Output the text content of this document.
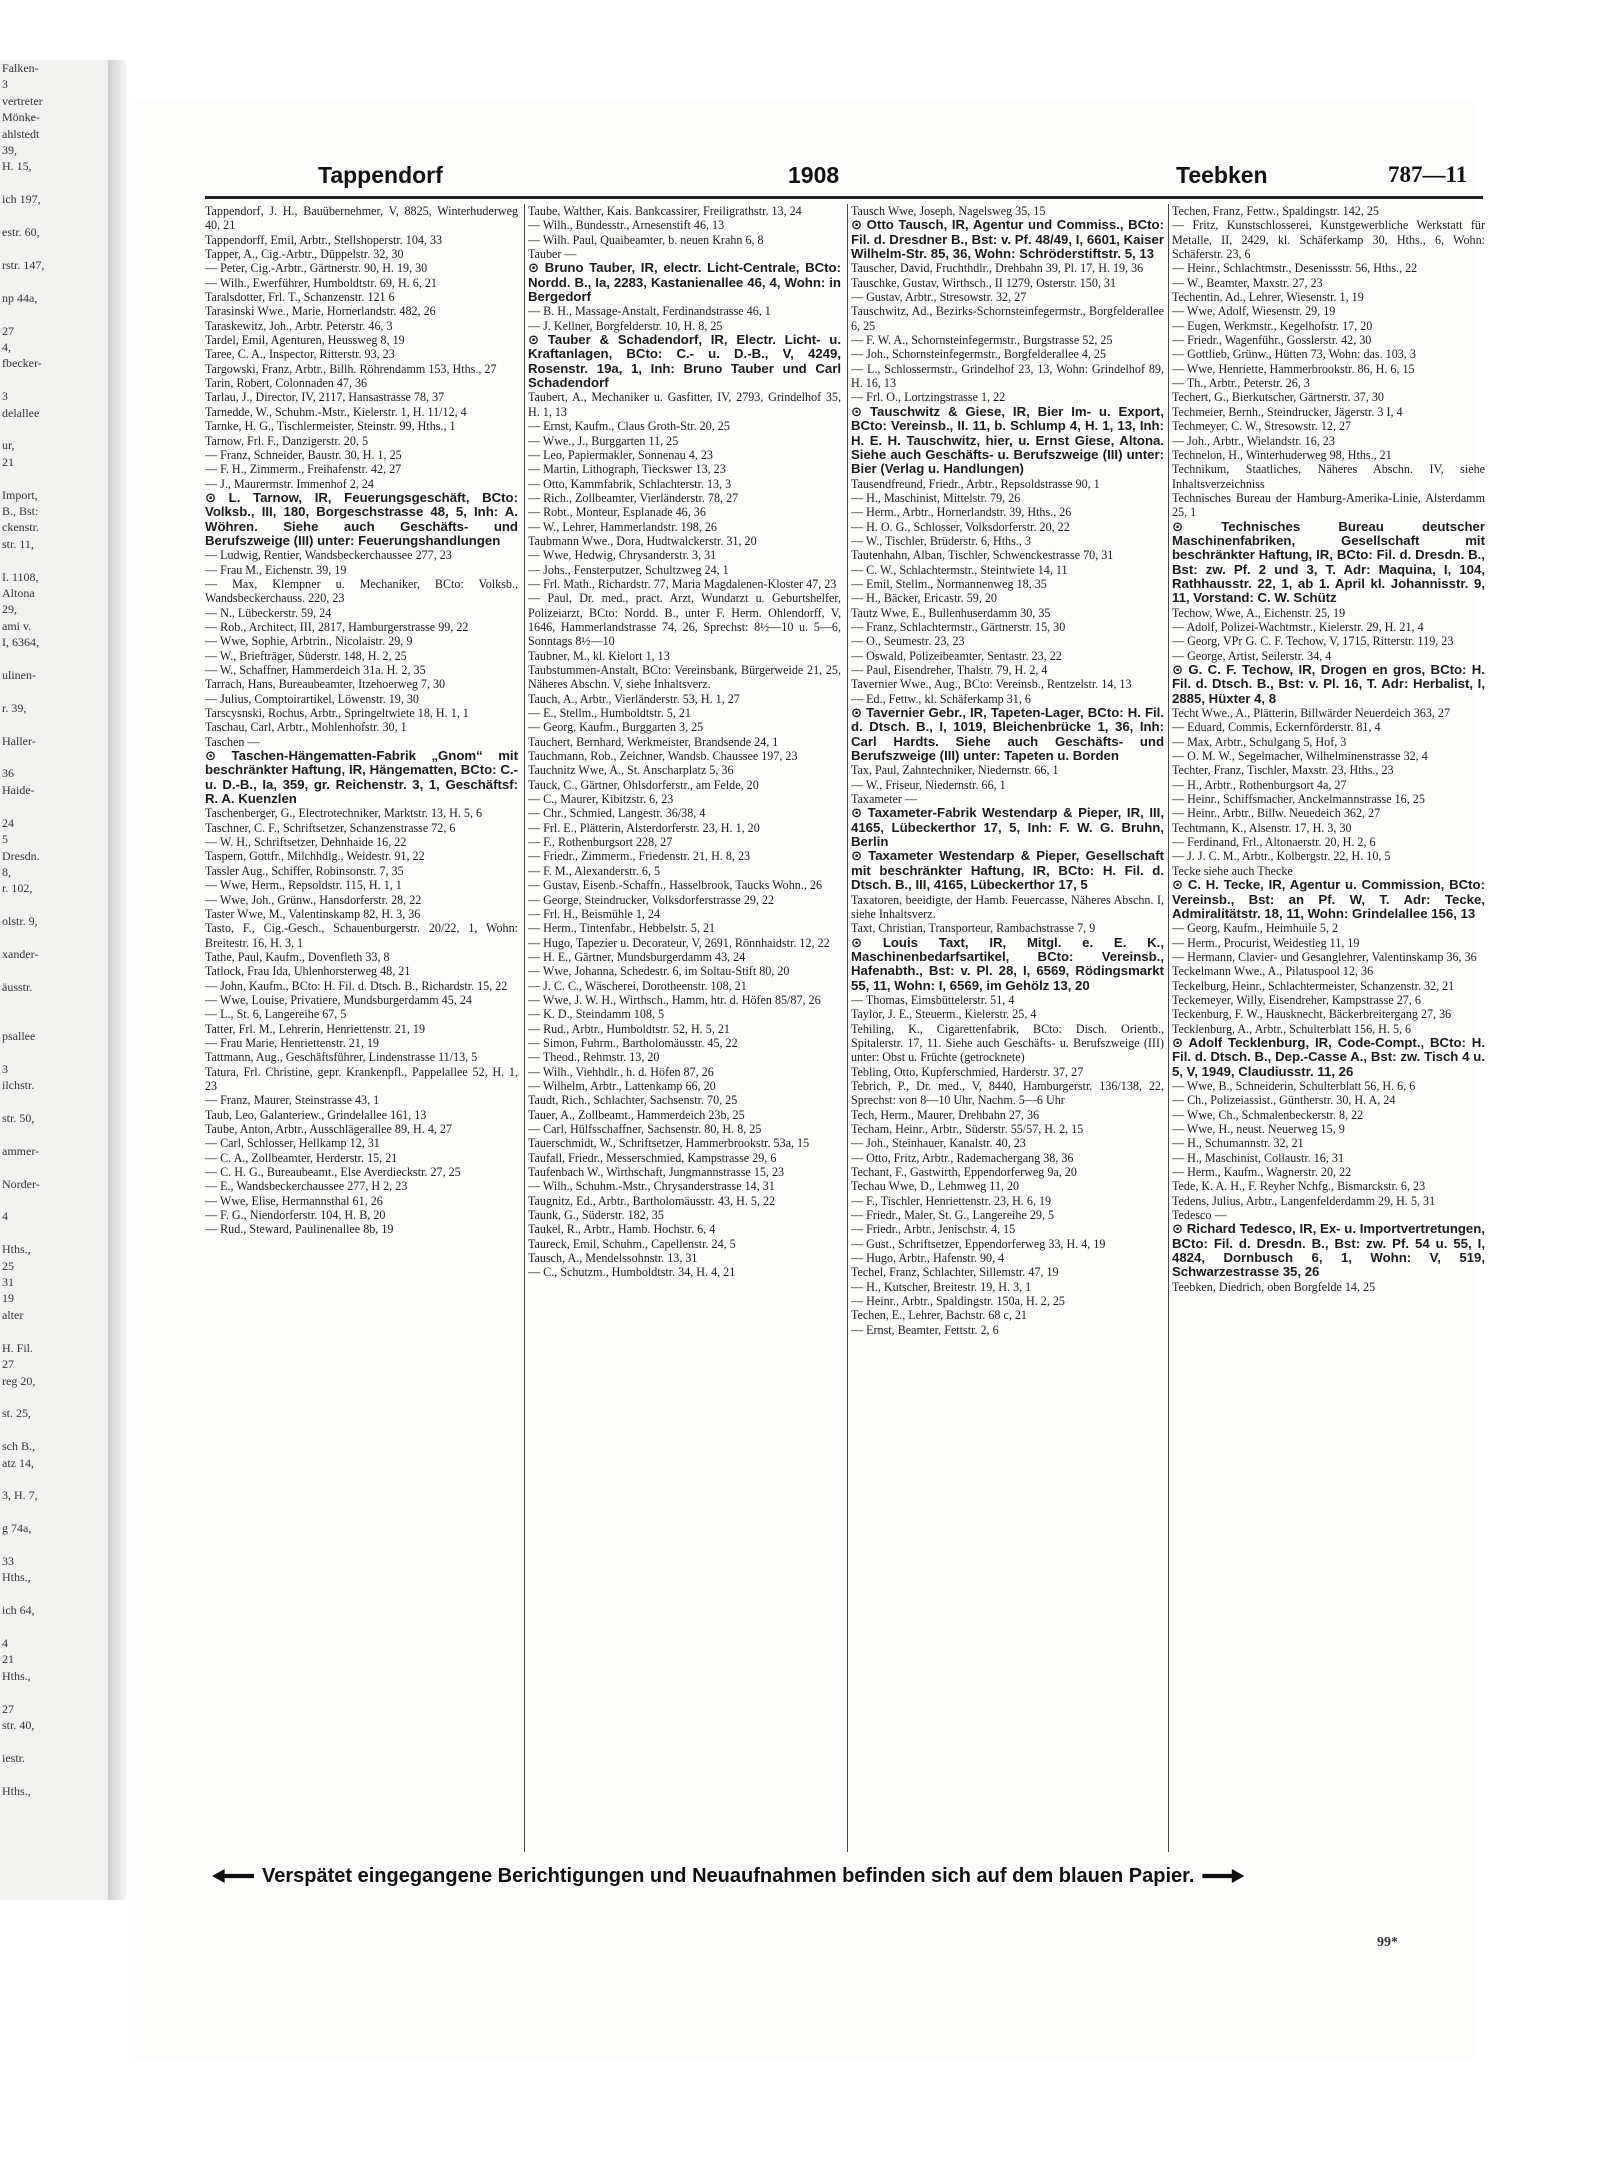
Falken-
3
vertreter
Mönke-
ahlstedt
39,
H. 15,

ich 197,

estr. 60,

rstr. 147,

np 44a,

27
4,
fbecker-

3
delallee

ur,
21

Import,
B., Bst:
ckenstr.
str. 11,

I. 1108,
Altona
29,
ami v.
I, 6364,

ulinen-

r. 39,

Haller-

36
Haide-

24
5
Dresdn.
8,
r. 102,

olstr. 9,

xander-

äusstr.

psallee

3
ilchstr.

str. 50,

ammer-

Norder-

4

Hths.,
25
31
19
alter

H. Fil.
27
reg 20,

st. 25,

sch B.,
atz 14,

3, H. 7,

g 74a,

33
Hths.,

ich 64,

4
21
Hths.,

27
str. 40,

iestr.

Hths.,
Tappendorf	1908	Teebken	787—11
Tappendorf, J. H., Bauübernehmer, V, 8825, Winterhuderweg 40, 21
Tappendorff, Emil, Arbtr., Stellshoperstr. 104, 33
Tapper, A., Cig.-Arbtr., Düppelstr. 32, 30
— Peter, Cig.-Arbtr., Gärtnerstr. 90, H. 19, 30
— Wilh., Ewerführer, Humboldtstr. 69, H. 6, 21
Taralsdotter, Frl. T., Schanzenstr. 121 6
Tarasinski Wwe., Marie, Hornerlandstr. 482, 26
Taraskewitz, Joh., Arbtr. Peterstr. 46, 3
Tardel, Emil, Agenturen, Heussweg 8, 19
Taree, C. A., Inspector, Ritterstr. 93, 23
Targowski, Franz, Arbtr., Billh. Röhrendamm 153, Hths., 27
Tarin, Robert, Colonnaden 47, 36
Tarlau, J., Director, IV, 2117, Hansastrasse 78, 37
Tarnedde, W., Schuhm.-Mstr., Kielerstr. 1, H. 11/12, 4
Tarnke, H. G., Tischlermeister, Steinstr. 99, Hths., 1
Tarnow, Frl. F., Danzigerstr. 20, 5
— Franz, Schneider, Baustr. 30, H. 1, 25
— F. H., Zimmerm., Freihafenstr. 42, 27
— J., Maurermstr. Immenhof 2, 24
⊙ L. Tarnow, IR, Feuerungsgeschäft, BCto: Volksb., III, 180, Borgeschstrasse 48, 5, Inh: A. Wöhren. Siehe auch Geschäfts- und Berufszweige (III) unter: Feuerungshandlungen
— Ludwig, Rentier, Wandsbeckerchaussee 277, 23
— Frau M., Eichenstr. 39, 19
— Max, Klempner u. Mechaniker, BCto: Volksb., Wandsbeckerchauss. 220, 23
— N., Lübeckerstr. 59, 24
— Rob., Architect, III, 2817, Hamburgerstrasse 99, 22
— Wwe, Sophie, Arbtrin., Nicolaistr. 29, 9
— W., Briefträger, Süderstr. 148, H. 2, 25
— W., Schaffner, Hammerdeich 31a. H. 2, 35
Tarrach, Hans, Bureaubeamter, Itzehoerweg 7, 30
— Julius, Comptoirartikel, Löwenstr. 19, 30
Tarscysnski, Rochus, Arbtr., Springeltwiete 18, H. 1, 1
Taschau, Carl, Arbtr., Mohlenhofstr. 30, 1
Taschen —
⊙ Taschen-Hängematten-Fabrik „Gnom“ mit beschränkter Haftung, IR, Hängematten, BCto: C.- u. D.-B., Ia, 359, gr. Reichenstr. 3, 1, Geschäftsf: R. A. Kuenzlen
Taschenberger, G., Electrotechniker, Marktstr. 13, H. 5, 6
Taschner, C. F., Schriftsetzer, Schanzenstrasse 72, 6
— W. H., Schriftsetzer, Dehnhaide 16, 22
Taspern, Gottfr., Milchhdlg., Weidestr. 91, 22
Tassler Aug., Schiffer, Robinsonstr. 7, 35
— Wwe, Herm., Repsoldstr. 115, H. 1, 1
— Wwe, Joh., Grünw., Hansdorferstr. 28, 22
Taster Wwe, M., Valentinskamp 82, H. 3, 36
Tasto, F., Cig.-Gesch., Schauenburgerstr. 20/22, 1, Wohn: Breitestr. 16, H. 3, 1
Tathe, Paul, Kaufm., Dovenfleth 33, 8
Tatlock, Frau Ida, Uhlenhorsterweg 48, 21
— John, Kaufm., BCto: H. Fil. d. Dtsch. B., Richardstr. 15, 22
— Wwe, Louise, Privatiere, Mundsburgerdamm 45, 24
— L., St. 6, Langereihe 67, 5
Tatter, Frl. M., Lehrerin, Henriettenstr. 21, 19
— Frau Marie, Henriettenstr. 21, 19
Tattmann, Aug., Geschäftsführer, Lindenstrasse 11/13, 5
Tatura, Frl. Christine, gepr. Krankenpfl., Pappelallee 52, H. 1, 23
— Franz, Maurer, Steinstrasse 43, 1
Taub, Leo, Galanteriew., Grindelallee 161, 13
Taube, Anton, Arbtr., Ausschlägerallee 89, H. 4, 27
— Carl, Schlosser, Hellkamp 12, 31
— C. A., Zollbeamter, Herderstr. 15, 21
— C. H. G., Bureaubeamt., Else Averdieckstr. 27, 25
— E., Wandsbeckerchaussee 277, H 2, 23
— Wwe, Elise, Hermannsthal 61, 26
— F. G., Niendorferstr. 104, H. B, 20
— Rud., Steward, Paulinenallee 8b, 19
Taube, Walther, Kais. Bankcassirer, Freiligrathstr. 13, 24
— Wilh., Bundesstr., Arnesenstift 46, 13
— Wilh. Paul, Quaibeamter, b. neuen Krahn 6, 8
Tauber —
⊙ Bruno Tauber, IR, electr. Licht-Centrale, BCto: Nordd. B., Ia, 2283, Kastanienallee 46, 4, Wohn: in Bergedorf
— B. H., Massage-Anstalt, Ferdinandstrasse 46, 1
— J. Kellner, Borgfelderstr. 10, H. 8, 25
⊙ Tauber & Schadendorf, IR, Electr. Licht- u. Kraftanlagen, BCto: C.- u. D.-B., V, 4249, Rosenstr. 19a, 1, Inh: Bruno Tauber und Carl Schadendorf
Taubert, A., Mechaniker u. Gasfitter, IV, 2793, Grindelhof 35, H. 1, 13
— Ernst, Kaufm., Claus Groth-Str. 20, 25
— Wwe., J., Burggarten 11, 25
— Leo, Papiermakler, Sonnenau 4, 23
— Martin, Lithograph, Tieckswег 13, 23
— Otto, Kammfabrik, Schlachterstr. 13, 3
— Rich., Zollbeamter, Vierländerstr. 78, 27
— Robt., Monteur, Esplanade 46, 36
— W., Lehrer, Hammerlandstr. 198, 26
Taubmann Wwe., Dora, Hudtwalckerstr. 31, 20
— Wwe, Hedwig, Chrysanderstr. 3, 31
— Johs., Fensterputzer, Schultzweg 24, 1
— Frl. Math., Richardstr. 77, Maria Magdalenen-Kloster 47, 23
— Paul, Dr. med., pract. Arzt, Wundarzt u. Geburtshelfer, Polizeiarzt, BCto: Nordd. B., unter F. Herm. Ohlendorff, V, 1646, Hammerlandstrasse 74, 26, Sprechst: 8½—10 u. 5—6, Sonntags 8½—10
Taubner, M., kl. Kielort 1, 13
Taubstummen-Anstalt, BCto: Vereinsbank, Bürgerweide 21, 25, Näheres Abschn. V, siehe Inhaltsverz.
Tauch, A., Arbtr., Vierländerstr. 53, H. 1, 27
— E., Stellm., Humboldtstr. 5, 21
— Georg, Kaufm., Burggarten 3, 25
Tauchert, Bernhard, Werkmeister, Brandsende 24, 1
Tauchmann, Rob., Zeichner, Wandsb. Chaussee 197, 23
Tauchnitz Wwe, A., St. Anscharplatz 5, 36
Tauck, C., Gärtner, Ohlsdorferstr., am Felde, 20
— C., Maurer, Kibitzstr. 6, 23
— Chr., Schmied, Langestr. 36/38, 4
— Frl. E., Plätterin, Alsterdorferstr. 23, H. 1, 20
— F., Rothenburgsort 228, 27
— Friedr., Zimmerm., Friedenstr. 21, H. 8, 23
— F. M., Alexanderstr. 6, 5
— Gustav, Eisenb.-Schaffn., Hasselbrook, Taucks Wohn., 26
— George, Steindrucker, Volksdorferstrasse 29, 22
— Frl. H., Beismühle 1, 24
— Herm., Tintenfabr., Hebbelstr. 5, 21
— Hugo, Tapezier u. Decorateur, V, 2691, Rönnhaidstr. 12, 22
— H. E., Gärtner, Mundsburgerdamm 43, 24
— Wwe, Johanna, Schedestr. 6, im Soltau-Stift 80, 20
— J. C. C., Wäscherei, Dorotheenstr. 108, 21
— Wwe, J. W. H., Wirthsch., Hamm, htr. d. Höfen 85/87, 26
— K. D., Steindamm 108, 5
— Rud., Arbtr., Humboldtstr. 52, H. 5, 21
— Simon, Fuhrm., Bartholomäusstr. 45, 22
— Theod., Rehmstr. 13, 20
— Wilh., Viehhdlr., h. d. Höfen 87, 26
— Wilhelm, Arbtr., Lattenkamp 66, 20
Taudt, Rich., Schlachter, Sachsenstr. 70, 25
Tauer, A., Zollbeamt., Hammerdeich 23b, 25
— Carl, Hülfsschaffner, Sachsenstr. 80, H. 8, 25
Tauerschmidt, W., Schriftsetzer, Hammerbrookstr. 53a, 15
Taufall, Friedr., Messerschmied, Kampstrasse 29, 6
Taufenbach W., Wirthschaft, Jungmannstrasse 15, 23
— Wilh., Schuhm.-Mstr., Chrysanderstrasse 14, 31
Taugnitz, Ed., Arbtr., Bartholomäusstr. 43, H. 5, 22
Taunk, G., Süderstr. 182, 35
Taukel, R., Arbtr., Hamb. Hochstr. 6, 4
Taureck, Emil, Schuhm., Capellenstr. 24, 5
Tausch, A., Mendelssohnstr. 13, 31
— C., Schutzm., Humboldtstr. 34, H. 4, 21
Tausch Wwe, Joseph, Nagelsweg 35, 15
⊙ Otto Tausch, IR, Agentur und Commiss., BCto: Fil. d. Dresdner B., Bst: v. Pf. 48/49, I, 6601, Kaiser Wilhelm-Str. 85, 36, Wohn: Schröderstiftstr. 5, 13
Tauscher, David, Fruchthdlr., Drehbahn 39, Pl. 17, H. 19, 36
Tauschke, Gustav, Wirthsch., II 1279, Osterstr. 150, 31
— Gustav, Arbtr., Stresowstr. 32, 27
Tauschwitz, Ad., Bezirks-Schornsteinfegermstr., Borgfelderallee 6, 25
— F. W. A., Schornsteinfegermstr., Burgstrasse 52, 25
— Joh., Schornsteinfegermstr., Borgfelderallee 4, 25
— L., Schlossermstr., Grindelhof 23, 13, Wohn: Grindelhof 89, H. 16, 13
— Frl. O., Lortzingstrasse 1, 22
⊙ Tauschwitz & Giese, IR, Bier Im- u. Export, BCto: Vereinsb., II. 11, b. Schlump 4, H. 1, 13, Inh: H. E. H. Tauschwitz, hier, u. Ernst Giese, Altona. Siehe auch Geschäfts- u. Berufszweige (III) unter: Bier (Verlag u. Handlungen)
Tausendfreund, Friedr., Arbtr., Repsoldstrasse 90, 1
— H., Maschinist, Mittelstr. 79, 26
— Herm., Arbtr., Hornerlandstr. 39, Hths., 26
— H. O. G., Schlosser, Volksdorferstr. 20, 22
— W., Tischler, Brüderstr. 6, Hths., 3
Tautenhahn, Alban, Tischler, Schwenckestrasse 70, 31
— C. W., Schlachtermstr., Steintwiete 14, 11
— Emil, Stellm., Normannenweg 18, 35
— H., Bäcker, Ericastr. 59, 20
Tautz Wwe, E., Bullenhuserdamm 30, 35
— Franz, Schlachtermstr., Gärtnerstr. 15, 30
— O., Seumestr. 23, 23
— Oswald, Polizeibeamter, Sentastr. 23, 22
— Paul, Eisendreher, Thalstr. 79, H. 2, 4
Tavernier Wwe., Aug., BCto: Vereinsb., Rentzelstr. 14, 13
— Ed., Fettw., kl. Schäferkamp 31, 6
⊙ Tavernier Gebr., IR, Tapeten-Lager, BCto: H. Fil. d. Dtsch. B., I, 1019, Bleichenbrücke 1, 36, Inh: Carl Hardts. Siehe auch Geschäfts- und Berufszweige (III) unter: Tapeten u. Borden
Tax, Paul, Zahntechniker, Niedernstr. 66, 1
— W., Friseur, Niedernstr. 66, 1
Taxameter —
⊙ Taxameter-Fabrik Westendarp & Pieper, IR, III, 4165, Lübeckerthor 17, 5, Inh: F. W. G. Bruhn, Berlin
⊙ Taxameter Westendarp & Pieper, Gesellschaft mit beschränkter Haftung, IR, BCto: H. Fil. d. Dtsch. B., III, 4165, Lübeckerthor 17, 5
Taxatoren, beeidigte, der Hamb. Feuercasse, Näheres Abschn. I, siehe Inhaltsverz.
Taxt, Christian, Transporteur, Rambachstrasse 7, 9
⊙ Louis Taxt, IR, Mitgl. e. E. K., Maschinenbedarfsartikel, BCto: Vereinsb., Hafenabth., Bst: v. Pl. 28, I, 6569, Rödingsmarkt 55, 11, Wohn: I, 6569, im Gehölz 13, 20
— Thomas, Eimsbüttelerstr. 51, 4
Taylor, J. E., Steuerm., Kielerstr. 25, 4
Tehiling, K., Cigarettenfabrik, BCto: Disch. Orientb., Spitalerstr. 17, 11. Siehe auch Geschäfts- u. Berufszweige (III) unter: Obst u. Früchte (getrocknete)
Tebling, Otto, Kupferschmied, Harderstr. 37, 27
Tebrich, P., Dr. med., V, 8440, Hamburgerstr. 136/138, 22, Sprechst: von 8—10 Uhr, Nachm. 5—6 Uhr
Tech, Herm., Maurer, Drehbahn 27, 36
Techam, Heinr., Arbtr., Süderstr. 55/57, H. 2, 15
— Joh., Steinhauer, Kanalstr. 40, 23
— Otto, Fritz, Arbtr., Rademachergang 38, 36
Techant, F., Gastwirth, Eppendorferweg 9a, 20
Techau Wwe, D., Lehmweg 11, 20
— F., Tischler, Henriettenstr. 23, H. 6, 19
— Friedr., Maler, St. G., Langereihe 29, 5
— Friedr., Arbtr., Jenischstr. 4, 15
— Gust., Schriftsetzer, Eppendorferweg 33, H. 4, 19
— Hugo, Arbtr., Hafenstr. 90, 4
Techel, Franz, Schlachter, Sillemstr. 47, 19
— H., Kutscher, Breitestr. 19, H. 3, 1
— Heinr., Arbtr., Spaldingstr. 150a, H. 2, 25
Techen, E., Lehrer, Bachstr. 68 c, 21
— Ernst, Beamter, Fettstr. 2, 6
Techen, Franz, Fettw., Spaldingstr. 142, 25
— Fritz, Kunstschlosserei, Kunstgewerbliche Werkstatt für Metalle, II, 2429, kl. Schäferkamp 30, Hths., 6, Wohn: Schäferstr. 23, 6
— Heinr., Schlachtmstr., Desenissstr. 56, Hths., 22
— W., Beamter, Maxstr. 27, 23
Techentin, Ad., Lehrer, Wiesenstr. 1, 19
— Wwe, Adolf, Wiesenstr. 29, 19
— Eugen, Werkmstr., Kegelhofstr. 17, 20
— Friedr., Wagenführ., Gosslerstr. 42, 30
— Gottlieb, Grünw., Hütten 73, Wohn: das. 103, 3
— Wwe, Henriette, Hammerbrookstr. 86, H. 6, 15
— Th., Arbtr., Peterstr. 26, 3
Techert, G., Bierkutscher, Gärtnerstr. 37, 30
Techmeier, Bernh., Steindrucker, Jägerstr. 3 I, 4
Techmeyer, C. W., Stresowstr. 12, 27
— Joh., Arbtr., Wielandstr. 16, 23
Technelon, H., Winterhuderweg 98, Hths., 21
Technikum, Staatliches, Näheres Abschn. IV, siehe Inhaltsverzeichniss
Technisches Bureau der Hamburg-Amerika-Linie, Alsterdamm 25, 1
⊙ Technisches Bureau deutscher Maschinenfabriken, Gesellschaft mit beschränkter Haftung, IR, BCto: Fil. d. Dresdn. B., Bst: zw. Pf. 2 und 3, T. Adr: Maquina, I, 104, Rathhausstr. 22, 1, ab 1. April kl. Johannisstr. 9, 11, Vorstand: C. W. Schütz
Techow, Wwe, A., Eichenstr. 25, 19
— Adolf, Polizei-Wachtmstr., Kielerstr. 29, H. 21, 4
— Georg, VPr G. C. F. Techow, V, 1715, Ritterstr. 119, 23
— George, Artist, Seilerstr. 34, 4
⊙ G. C. F. Techow, IR, Drogen en gros, BCto: H. Fil. d. Dtsch. B., Bst: v. Pl. 16, T. Adr: Herbalist, I, 2885, Hüxter 4, 8
Techt Wwe., A., Plätterin, Billwärder Neuerdeich 363, 27
— Eduard, Commis, Eckernförderstr. 81, 4
— Max, Arbtr., Schulgang 5, Hof, 3
— O. M. W., Segelmacher, Wilhelminenstrasse 32, 4
Techter, Franz, Tischler, Maxstr. 23, Hths., 23
— H., Arbtr., Rothenburgsort 4a, 27
— Heinr., Schiffsmacher, Anckelmannstrasse 16, 25
— Heinr., Arbtr., Billw. Neuedeich 362, 27
Techtmann, K., Alsenstr. 17, H. 3, 30
— Ferdinand, Frl., Altonaerstr. 20, H. 2, 6
— J. J. C. M., Arbtr., Kolbergstr. 22, H. 10, 5
Tecke siehe auch Thecke
⊙ C. H. Tecke, IR, Agentur u. Commission, BCto: Vereinsb., Bst: an Pf. W, T. Adr: Tecke, Admiralitätstr. 18, 11, Wohn: Grindelallee 156, 13
— Georg, Kaufm., Heimhuile 5, 2
— Herm., Procurist, Weidestieg 11, 19
— Hermann, Clavier- und Gesanglehrer, Valentinskamp 36, 36
Teckelmann Wwe., A., Pilatuspool 12, 36
Teckelburg, Heinr., Schlachtermeister, Schanzenstr. 32, 21
Teckemeyer, Willy, Eisendreher, Kampstrasse 27, 6
Teckenburg, F. W., Hausknecht, Bäckerbreitergang 27, 36
Tecklenburg, A., Arbtr., Schulterblatt 156, H. 5, 6
⊙ Adolf Tecklenburg, IR, Code-Compt., BCto: H. Fil. d. Dtsch. B., Dep.-Casse A., Bst: zw. Tisch 4 u. 5, V, 1949, Claudiusstr. 11, 26
— Wwe, B., Schneiderin, Schulterblatt 56, H. 6, 6
— Ch., Polizeiassist., Güntherstr. 30, H. A, 24
— Wwe, Ch., Schmalenbeckerstr. 8, 22
— Wwe, H., neust. Neuerweg 15, 9
— H., Schumannstr. 32, 21
— H., Maschinist, Collaustr. 16, 31
— Herm., Kaufm., Wagnerstr. 20, 22
Tede, K. A. H., F. Reyher Nchfg., Bismarckstr. 6, 23
Tedens, Julius, Arbtr., Langenfelderdamm 29, H. 5, 31
Tedesco —
⊙ Richard Tedesco, IR, Ex- u. Importvertretungen, BCto: Fil. d. Dresdn. B., Bst: zw. Pf. 54 u. 55, I, 4824, Dornbusch 6, 1, Wohn: V, 519, Schwarzestrasse 35, 26
Teebken, Diedrich, oben Borgfelde 14, 25
Verspätet eingegangene Berichtigungen und Neuaufnahmen befinden sich auf dem blauen Papier.
99*
